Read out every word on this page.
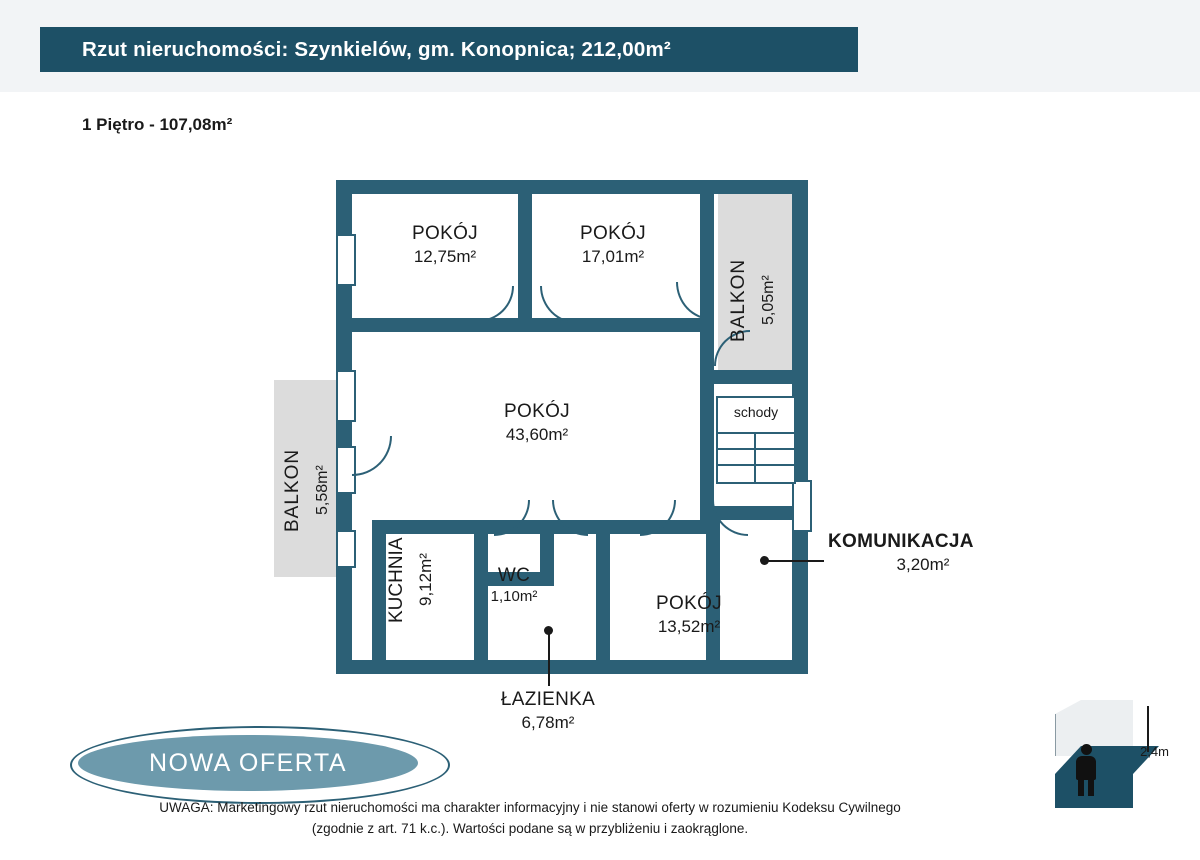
Rzut nieruchomości: Szynkielów, gm. Konopnica; 212,00m²
1 Piętro - 107,08m²
schody
POKÓJ
12,75m²
POKÓJ
17,01m²
POKÓJ
43,60m²
POKÓJ
13,52m²
KUCHNIA 9,12m²	WC
1,10m²
ŁAZIENKA
6,78m²
KOMUNIKACJA
3,20m²
BALKON 5,05m²
BALKON 5,58m²
NOWA OFERTA
UWAGA: Marketingowy rzut nieruchomości ma charakter informacyjny i nie stanowi oferty w rozumieniu Kodeksu Cywilnego
(zgodnie z art. 71 k.c.). Wartości podane są w przybliżeniu i zaokrąglone.
2,4m
